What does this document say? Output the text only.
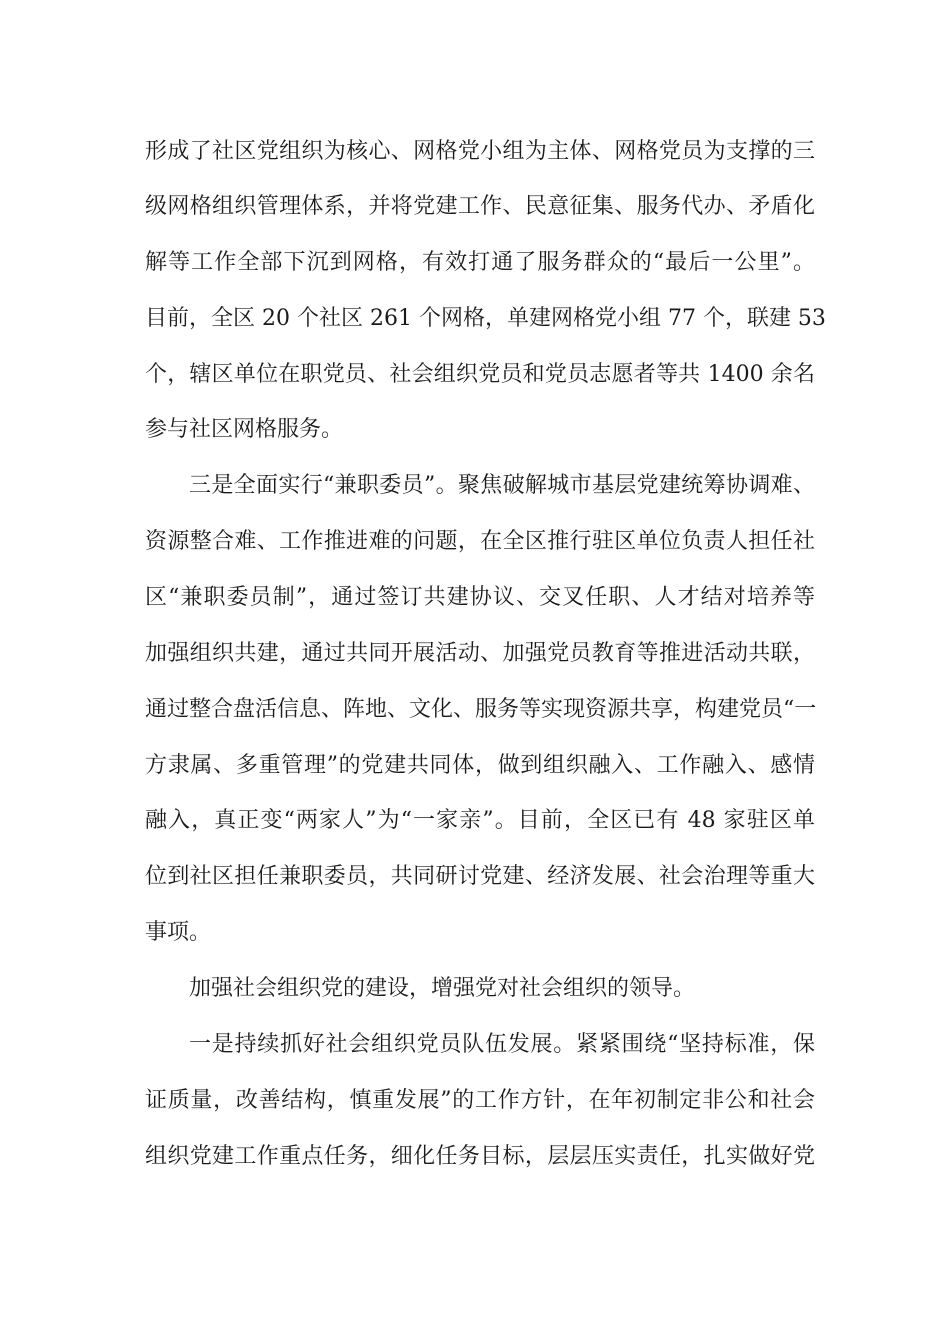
形成了社区党组织为核心、网格党小组为主体、网格党员为支撑的三
级网格组织管理体系，并将党建工作、民意征集、服务代办、矛盾化
解等工作全部下沉到网格，有效打通了服务群众的“最后一公里”。
目前，全区 20 个社区 261 个网格，单建网格党小组 77 个，联建 53
个，辖区单位在职党员、社会组织党员和党员志愿者等共 1400 余名
参与社区网格服务。
三是全面实行“兼职委员”。聚焦破解城市基层党建统筹协调难、
资源整合难、工作推进难的问题，在全区推行驻区单位负责人担任社
区“兼职委员制”，通过签订共建协议、交叉任职、人才结对培养等
加强组织共建，通过共同开展活动、加强党员教育等推进活动共联，
通过整合盘活信息、阵地、文化、服务等实现资源共享，构建党员“一
方隶属、多重管理”的党建共同体，做到组织融入、工作融入、感情
融入，真正变“两家人”为“一家亲”。目前，全区已有 48 家驻区单
位到社区担任兼职委员，共同研讨党建、经济发展、社会治理等重大
事项。
加强社会组织党的建设，增强党对社会组织的领导。
一是持续抓好社会组织党员队伍发展。紧紧围绕“坚持标准，保
证质量，改善结构，慎重发展”的工作方针，在年初制定非公和社会
组织党建工作重点任务，细化任务目标，层层压实责任，扎实做好党
